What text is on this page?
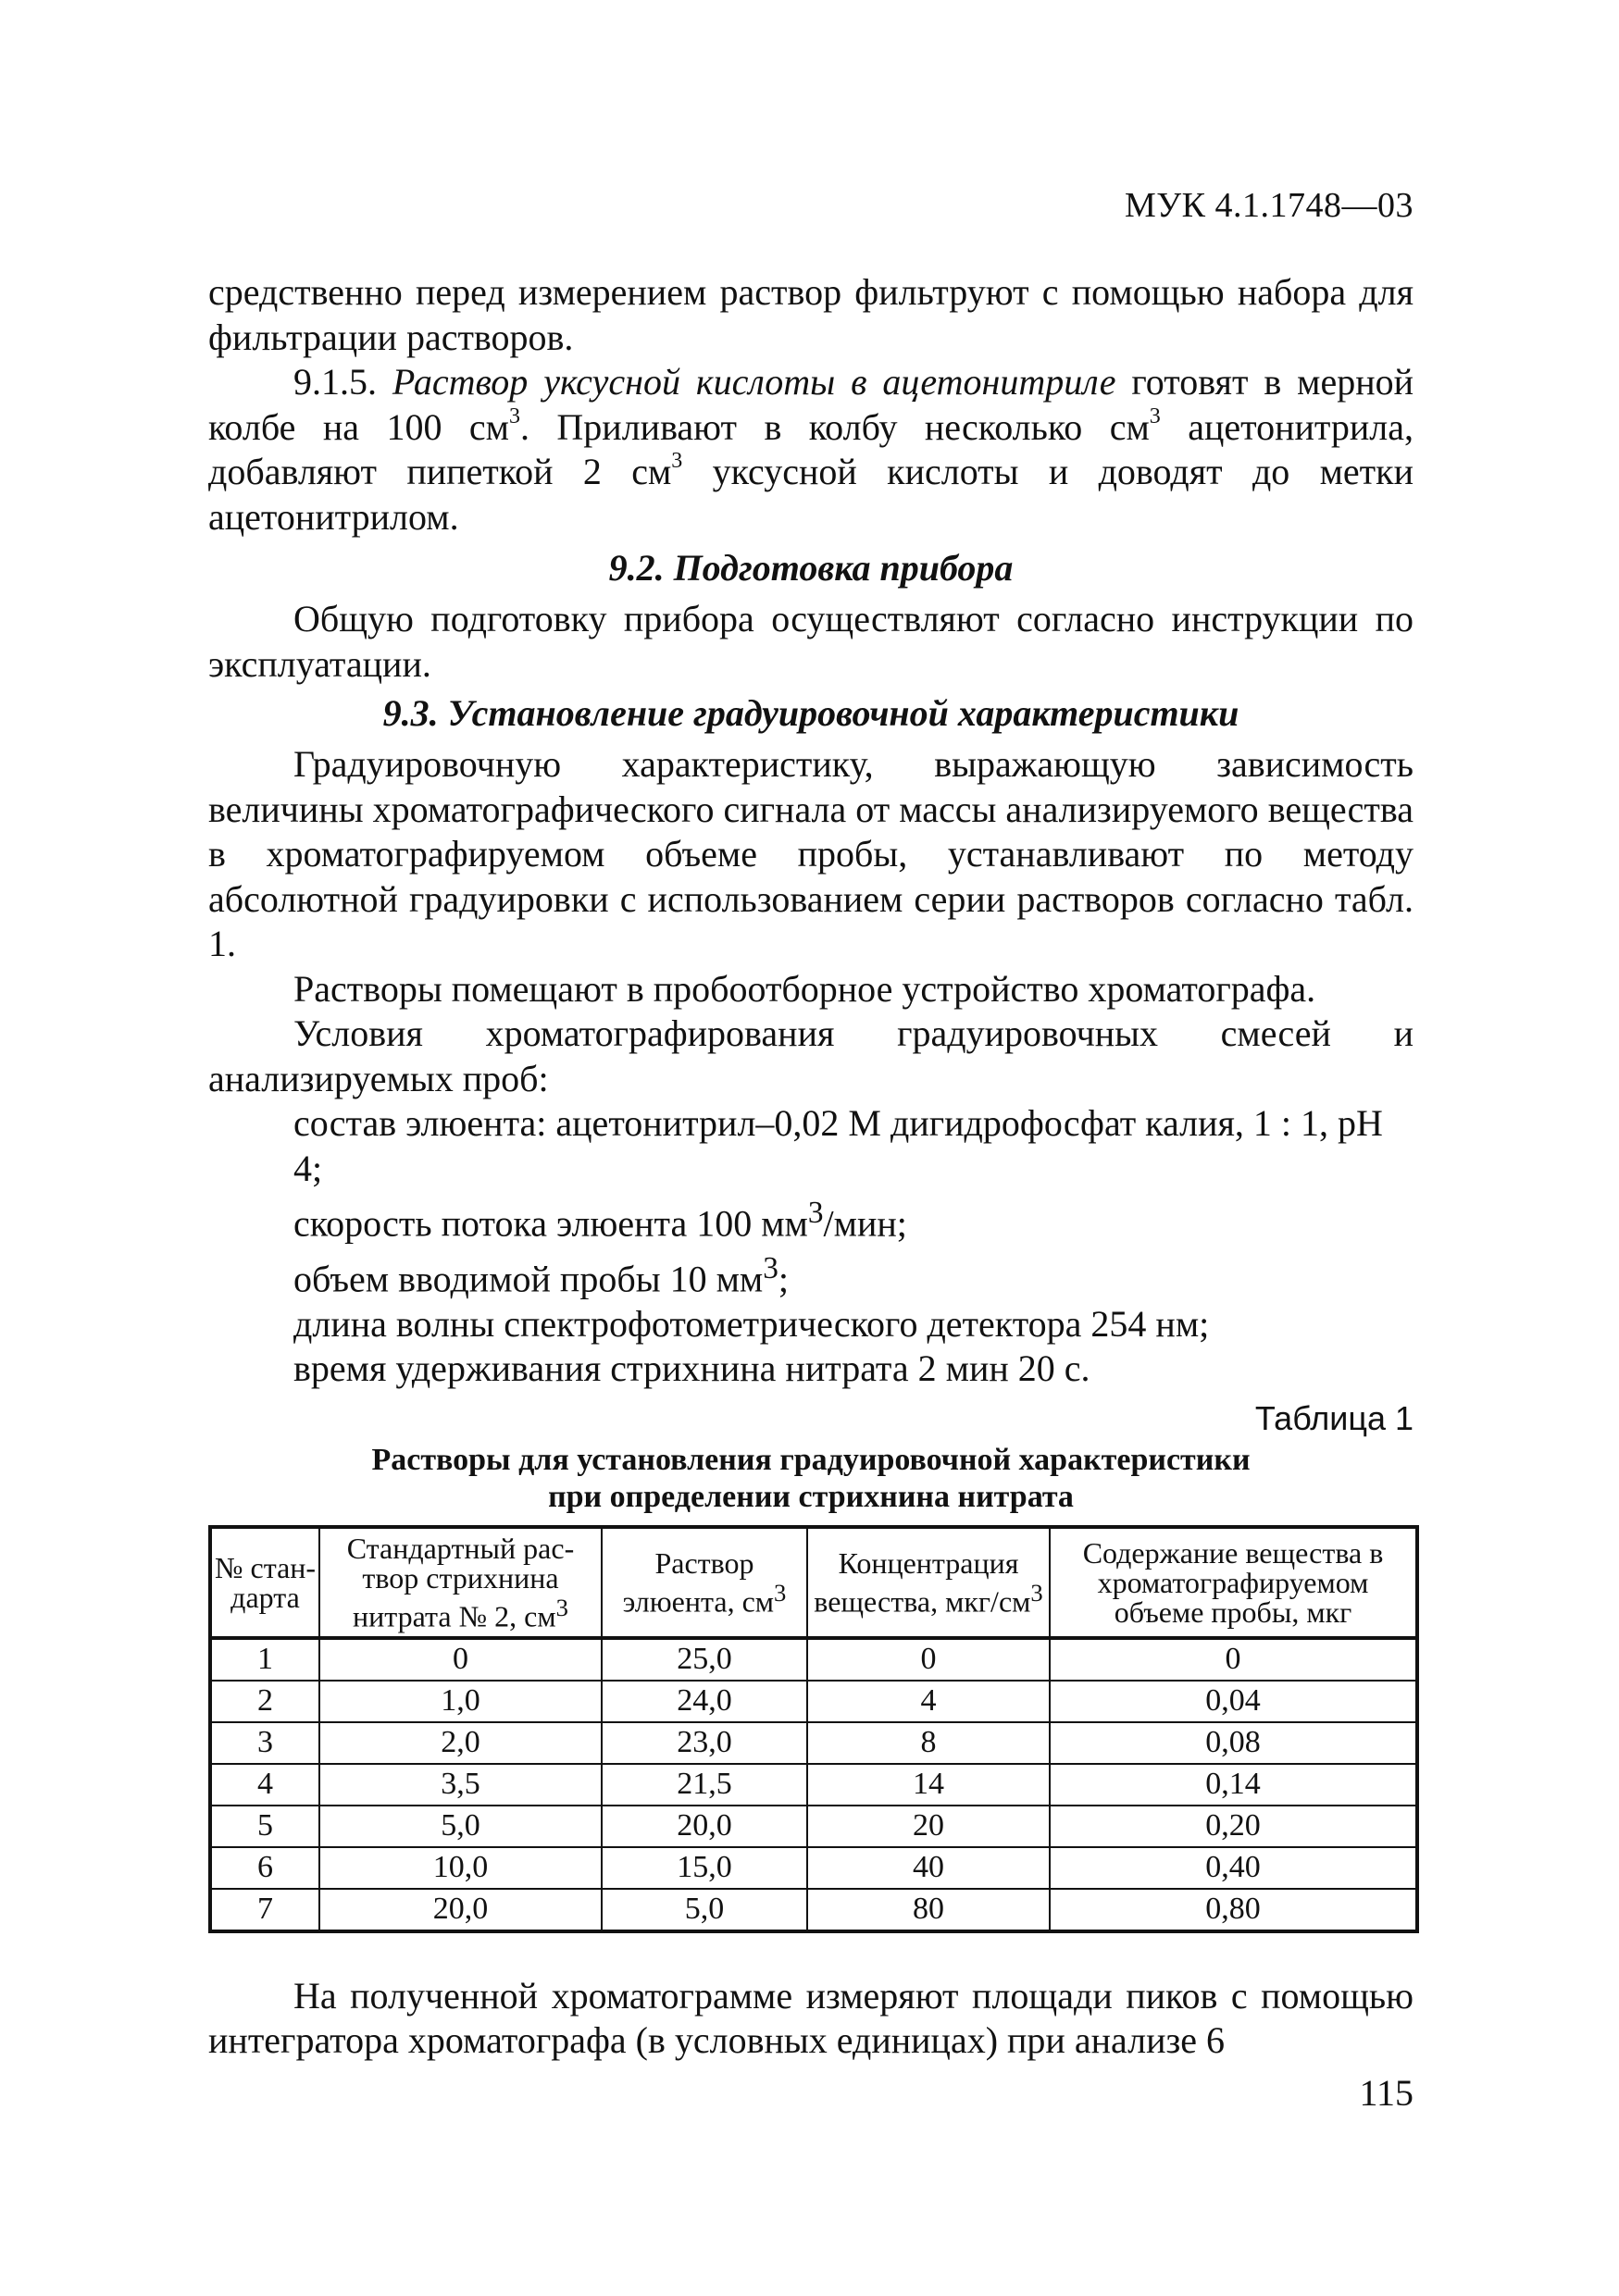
МУК 4.1.1748—03

средственно перед измерением раствор фильтруют с помощью набора для фильтрации растворов.

9.1.5. Раствор уксусной кислоты в ацетонитриле готовят в мерной колбе на 100 $см^3$. Приливают в колбу несколько $см^3$ ацетонитрила, добавляют пипеткой 2 $см^3$ уксусной кислоты и доводят до метки ацетонитрилом.

9.2. Подготовка прибора

Общую подготовку прибора осуществляют согласно инструкции по эксплуатации.

9.3. Установление градуировочной характеристики

Градуировочную характеристику, выражающую зависимость величины хроматографического сигнала от массы анализируемого вещества в хроматографируемом объеме пробы, устанавливают по методу абсолютной градуировки с использованием серии растворов согласно табл. 1.

Растворы помещают в пробоотборное устройство хроматографа.

Условия хроматографирования градуировочных смесей и анализируемых проб:

состав элюента: ацетонитрил–0,02 М дигидрофосфат калия, 1 : 1, рН 4;
скорость потока элюента 100 $мм^3$/мин;
объем вводимой пробы 10 $мм^3$;
длина волны спектрофотометрического детектора 254 нм;
время удерживания стрихнина нитрата 2 мин 20 с.

Таблица 1

Растворы для установления градуировочной характеристики
при определении стрихнина нитрата

№ стан-дарта	Стандартный рас-твор стрихнина нитрата № 2, $см^3$	Раствор элюента, $см^3$	Концентрация вещества, мкг/$см^3$	Содержание вещества в хроматографируемом объеме пробы, мкг
1	0	25,0	0	0
2	1,0	24,0	4	0,04
3	2,0	23,0	8	0,08
4	3,5	21,5	14	0,14
5	5,0	20,0	20	0,20
6	10,0	15,0	40	0,40
7	20,0	5,0	80	0,80

На полученной хроматограмме измеряют площади пиков с помощью интегратора хроматографа (в условных единицах) при анализе 6

115
